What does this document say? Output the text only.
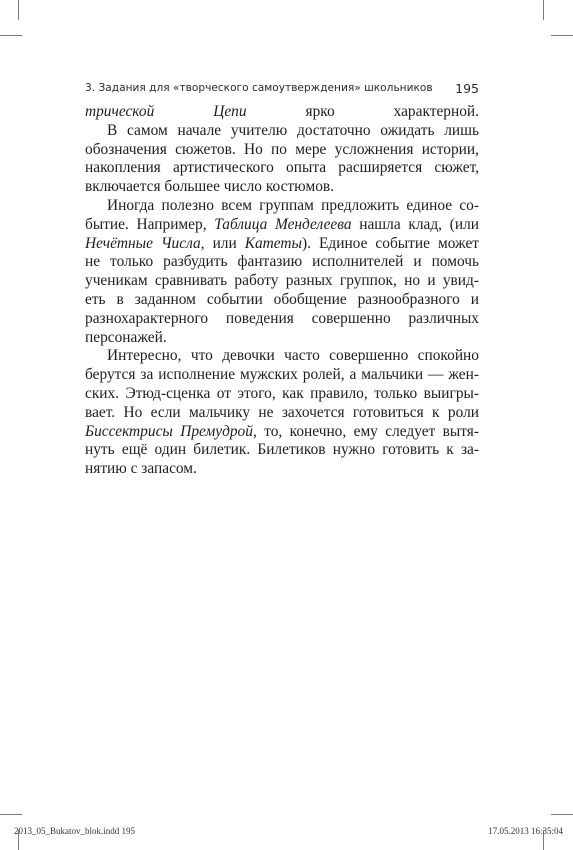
3. Задания для «творческого самоутверждения» школьников 195
трической Цепи ярко характерной.
В самом начале учителю достаточно ожидать лишь
обозначения сюжетов. Но по мере усложнения истории,
накопления артистического опыта расширяется сюжет,
включается большее число костюмов.
Иногда полезно всем группам предложить единое со-
бытие. Например, Таблица Менделеева нашла клад, (или
Нечётные Числа, или Катеты). Единое событие может
не только разбудить фантазию исполнителей и помочь
ученикам сравнивать работу разных группок, но и увид-
еть в заданном событии обобщение разнообразного и
разнохарактерного поведения совершенно различных
персонажей.
Интересно, что девочки часто совершенно спокойно
берутся за исполнение мужских ролей, а мальчики — жен-
ских. Этюд-сценка от этого, как правило, только выигры-
вает. Но если мальчику не захочется готовиться к роли
Биссектрисы Премудрой, то, конечно, ему следует вытя-
нуть ещё один билетик. Билетиков нужно готовить к за-
нятию с запасом.
2013_05_Bukatov_blok.indd 195	17.05.2013 16:35:04
